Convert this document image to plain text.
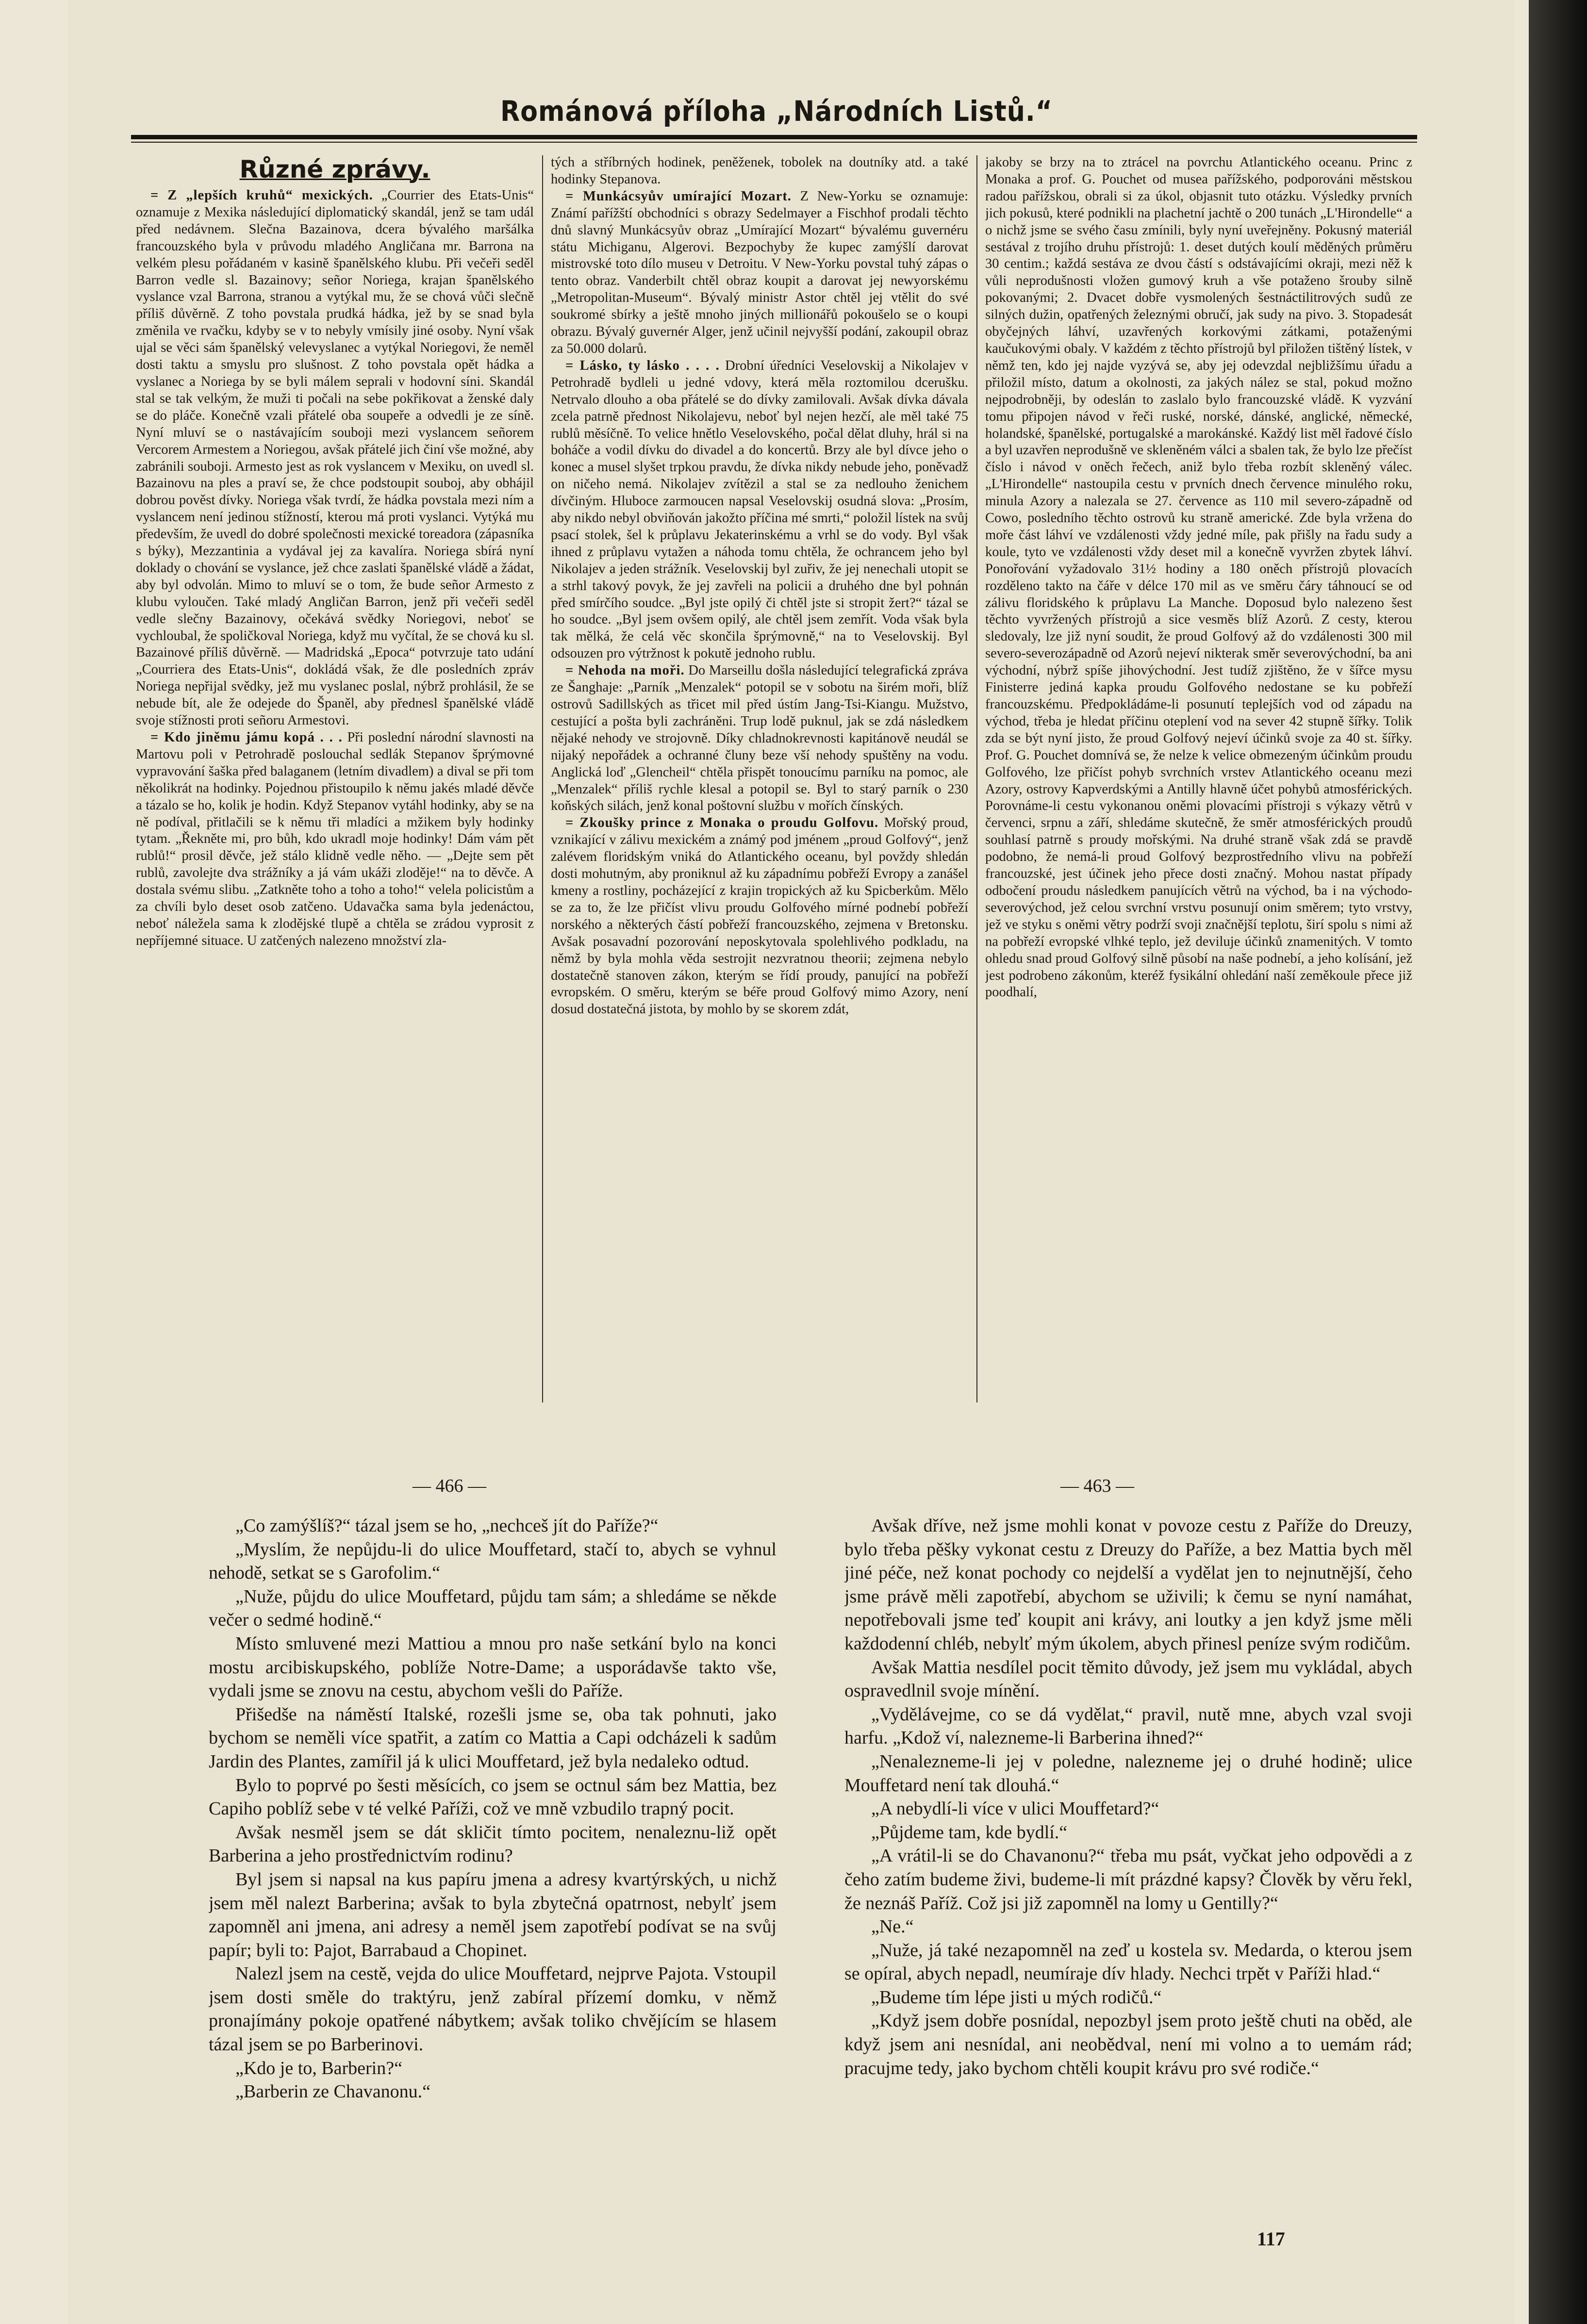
Románová příloha „Národních Listů.“
Různé zprávy.

= Z „lepších kruhů“ mexických. „Courrier des Etats-Unis“ oznamuje z Mexika následující diplomatický skandál, jenž se tam udál před nedávnem. Slečna Bazainova, dcera bývalého maršálka francouzského byla v průvodu mladého Angličana mr. Barrona na velkém plesu pořádaném v kasině španělského klubu. Při večeři seděl Barron vedle sl. Bazainovy; señor Noriega, krajan španělského vyslance vzal Barrona, stranou a vytýkal mu, že se chová vůči slečně příliš důvěrně. Z toho povstala prudká hádka, jež by se snad byla změnila ve rvačku, kdyby se v to nebyly vmísily jiné osoby. Nyní však ujal se věci sám španělský velevyslanec a vytýkal Noriegovi, že neměl dosti taktu a smyslu pro slušnost. Z toho povstala opět hádka a vyslanec a Noriega by se byli málem seprali v hodovní síni. Skandál stal se tak velkým, že muži ti počali na sebe pokřikovat a ženské daly se do pláče. Konečně vzali přátelé oba soupeře a odvedli je ze síně. Nyní mluví se o nastávajícím souboji mezi vyslancem señorem Vercorem Armestem a Noriegou, avšak přátelé jich činí vše možné, aby zabránili souboji. Armesto jest as rok vyslancem v Mexiku, on uvedl sl. Bazainovu na ples a praví se, že chce podstoupit souboj, aby obhájil dobrou pověst dívky. Noriega však tvrdí, že hádka povstala mezi ním a vyslancem není jedinou stížností, kterou má proti vyslanci. Vytýká mu především, že uvedl do dobré společnosti mexické toreadora (zápasníka s býky), Mezzantinia a vydával jej za kavalíra. Noriega sbírá nyní doklady o chování se vyslance, jež chce zaslati španělské vládě a žádat, aby byl odvolán. Mimo to mluví se o tom, že bude señor Armesto z klubu vyloučen. Také mladý Angličan Barron, jenž při večeři seděl vedle slečny Bazainovy, očekává svědky Noriegovi, neboť se vychloubal, že spoličkoval Noriega, když mu vyčítal, že se chová ku sl. Bazainové příliš důvěrně. — Madridská „Epoca“ potvrzuje tato udání „Courriera des Etats-Unis“, dokládá však, že dle posledních zpráv Noriega nepřijal svědky, jež mu vyslanec poslal, nýbrž prohlásil, že se nebude bít, ale že odejede do Španěl, aby přednesl španělské vládě svoje stížnosti proti señoru Armestovi.

= Kdo jiněmu jámu kopá . . . Při poslední národní slavnosti na Martovu poli v Petrohradě poslouchal sedlák Stepanov šprýmovné vypravování šaška před balaganem (letním divadlem) a dival se při tom několikrát na hodinky. Pojednou přistoupilo k němu jakés mladé děvče a tázalo se ho, kolik je hodin. Když Stepanov vytáhl hodinky, aby se na ně podíval, přitlačili se k němu tři mladíci a mžikem byly hodinky tytam. „Řekněte mi, pro bůh, kdo ukradl moje hodinky! Dám vám pět rublů!“ prosil děvče, jež stálo klidně vedle něho. — „Dejte sem pět rublů, zavolejte dva strážníky a já vám ukáži zloděje!“ na to děvče. A dostala svému slibu. „Zatkněte toho a toho a toho!“ velela policistům a za chvíli bylo deset osob zatčeno. Udavačka sama byla jedenáctou, neboť náležela sama k zlodějské tlupě a chtěla se zrádou vyprosit z nepříjemné situace. U zatčených nalezeno množství zla-

tých a stříbrných hodinek, peněženek, tobolek na doutníky atd. a také hodinky Stepanova.

= Munkácsyův umírající Mozart. Z New-Yorku se oznamuje: Známí pařížští obchodníci s obrazy Sedelmayer a Fischhof prodali těchto dnů slavný Munkácsyův obraz „Umírající Mozart“ bývalému guvernéru státu Michiganu, Algerovi. Bezpochyby že kupec zamýšlí darovat mistrovské toto dílo museu v Detroitu. V New-Yorku povstal tuhý zápas o tento obraz. Vanderbilt chtěl obraz koupit a darovat jej newyorskému „Metropolitan-Museum“. Bývalý ministr Astor chtěl jej vtělit do své soukromé sbírky a ještě mnoho jiných millionářů pokoušelo se o koupi obrazu. Bývalý guvernér Alger, jenž učinil nejvyšší podání, zakoupil obraz za 50.000 dolarů.

= Lásko, ty lásko . . . . Drobní úředníci Veselovskij a Nikolajev v Petrohradě bydleli u jedné vdovy, která měla roztomilou dcerušku. Netrvalo dlouho a oba přátelé se do dívky zamilovali. Avšak dívka dávala zcela patrně přednost Nikolajevu, neboť byl nejen hezčí, ale měl také 75 rublů měsíčně. To velice hnětlo Veselovského, počal dělat dluhy, hrál si na boháče a vodil dívku do divadel a do koncertů. Brzy ale byl dívce jeho o konec a musel slyšet trpkou pravdu, že dívka nikdy nebude jeho, poněvadž on ničeho nemá. Nikolajev zvítězil a stal se za nedlouho ženichem dívčiným. Hluboce zarmoucen napsal Veselovskij osudná slova: „Prosím, aby nikdo nebyl obviňován jakožto příčina mé smrti,“ položil lístek na svůj psací stolek, šel k průplavu Jekaterinskému a vrhl se do vody. Byl však ihned z průplavu vytažen a náhoda tomu chtěla, že ochrancem jeho byl Nikolajev a jeden strážník. Veselovskij byl zuřiv, že jej nenechali utopit se a strhl takový povyk, že jej zavřeli na policii a druhého dne byl pohnán před smírčího soudce. „Byl jste opilý či chtěl jste si stropit žert?“ tázal se ho soudce. „Byl jsem ovšem opilý, ale chtěl jsem zemřít. Voda však byla tak mělká, že celá věc skončila šprýmovně,“ na to Veselovskij. Byl odsouzen pro výtržnost k pokutě jednoho rublu.

= Nehoda na moři. Do Marseillu došla následující telegrafická zpráva ze Šanghaje: „Parník „Menzalek“ potopil se v sobotu na širém moři, blíž ostrovů Sadillských as třicet mil před ústím Jang-Tsi-Kiangu. Mužstvo, cestující a pošta byli zachráněni. Trup lodě puknul, jak se zdá následkem nějaké nehody ve strojovně. Díky chladnokrevnosti kapitánově neudál se nijaký nepořádek a ochranné čluny beze vší nehody spuštěny na vodu. Anglická loď „Glencheil“ chtěla přispět tonoucímu parníku na pomoc, ale „Menzalek“ příliš rychle klesal a potopil se. Byl to starý parník o 230 koňských silách, jenž konal poštovní službu v mořích čínských.

= Zkoušky prince z Monaka o proudu Golfovu. Mořský proud, vznikající v zálivu mexickém a známý pod jménem „proud Golfový“, jenž zalévem floridským vniká do Atlantického oceanu, byl povždy shledán dosti mohutným, aby proniknul až ku západnímu pobřeží Evropy a zanášel kmeny a rostliny, pocházející z krajin tropických až ku Spicberkům. Mělo se za to, že lze přičíst vlivu proudu Golfového mírné podnebí pobřeží norského a některých částí pobřeží francouzského, zejmena v Bretonsku. Avšak posavadní pozorování neposkytovala spolehlivého podkladu, na němž by byla mohla věda sestrojit nezvratnou theorii; zejmena nebylo dostatečně stanoven zákon, kterým se řídí proudy, panující na pobřeží evropském. O směru, kterým se béře proud Golfový mimo Azory, není dosud dostatečná jistota, by mohlo by se skorem zdát,

jakoby se brzy na to ztrácel na povrchu Atlantického oceanu. Princ z Monaka a prof. G. Pouchet od musea pařížského, podporováni městskou radou pařížskou, obrali si za úkol, objasnit tuto otázku. Výsledky prvních jich pokusů, které podnikli na plachetní jachtě o 200 tunách „L'Hirondelle“ a o nichž jsme se svého času zmínili, byly nyní uveřejněny. Pokusný materiál sestával z trojího druhu přístrojů: 1. deset dutých koulí měděných průměru 30 centim.; každá sestáva ze dvou částí s odstávajícími okraji, mezi něž k vůli neprodušnosti vložen gumový kruh a vše potaženo šrouby silně pokovanými; 2. Dvacet dobře vysmolených šestnáctilitrových sudů ze silných dužin, opatřených železnými obručí, jak sudy na pivo. 3. Stopadesát obyčejných láhví, uzavřených korkovými zátkami, potaženými kaučukovými obaly. V každém z těchto přístrojů byl přiložen tištěný lístek, v němž ten, kdo jej najde vyzývá se, aby jej odevzdal nejbližšímu úřadu a přiložil místo, datum a okolnosti, za jakých nález se stal, pokud možno nejpodrobněji, by odeslán to zaslalo bylo francouzské vládě. K vyzvání tomu připojen návod v řeči ruské, norské, dánské, anglické, německé, holandské, španělské, portugalské a marokánské. Každý list měl řadové číslo a byl uzavřen neprodušně ve skleněném válci a sbalen tak, že bylo lze přečíst číslo i návod v oněch řečech, aniž bylo třeba rozbít skleněný válec. „L'Hirondelle“ nastoupila cestu v prvních dnech července minulého roku, minula Azory a nalezala se 27. července as 110 mil severo-západně od Cowo, posledního těchto ostrovů ku straně americké. Zde byla vržena do moře část láhví ve vzdálenosti vždy jedné míle, pak přišly na řadu sudy a koule, tyto ve vzdálenosti vždy deset mil a konečně vyvržen zbytek láhví. Ponořování vyžadovalo 31½ hodiny a 180 oněch přístrojů plovacích rozděleno takto na čáře v délce 170 mil as ve směru čáry táhnoucí se od zálivu floridského k průplavu La Manche. Doposud bylo nalezeno šest těchto vyvržených přístrojů a sice vesměs blíž Azorů. Z cesty, kterou sledovaly, lze již nyní soudit, že proud Golfový až do vzdálenosti 300 mil severo-severozápadně od Azorů nejeví nikterak směr severovýchodní, ba ani východní, nýbrž spíše jihovýchodní. Jest tudíž zjištěno, že v šířce mysu Finisterre jediná kapka proudu Golfového nedostane se ku pobřeží francouzskému. Předpokládáme-li posunutí teplejších vod od západu na východ, třeba je hledat příčinu oteplení vod na sever 42 stupně šířky. Tolik zda se být nyní jisto, že proud Golfový nejeví účinků svoje za 40 st. šířky. Prof. G. Pouchet domnívá se, že nelze k velice obmezeným účinkům proudu Golfového, lze přičíst pohyb svrchních vrstev Atlantického oceanu mezi Azory, ostrovy Kapverdskými a Antilly hlavně účet pohybů atmosférických. Porovnáme-li cestu vykonanou oněmi plovacími přístroji s výkazy větrů v červenci, srpnu a září, shledáme skutečně, že směr atmosférických proudů souhlasí patrně s proudy mořskými. Na druhé straně však zdá se pravdě podobno, že nemá-li proud Golfový bezprostředního vlivu na pobřeží francouzské, jest účinek jeho přece dosti značný. Mohou nastat případy odbočení proudu následkem panujících větrů na východ, ba i na východo-severovýchod, jež celou svrchní vrstvu posunují onim směrem; tyto vrstvy, jež ve styku s oněmi větry podrží svoji značnější teplotu, širí spolu s nimi až na pobřeží evropské vlhké teplo, jež deviluje účinků znamenitých. V tomto ohledu snad proud Golfový silně působí na naše podnebí, a jeho kolísání, jež jest podrobeno zákonům, kteréž fysikální ohledání naší zeměkoule přece již poodhalí,

— 466 —	— 463 —

„Co zamýšlíš?“ tázal jsem se ho, „nechceš jít do Paříže?“

„Myslím, že nepůjdu-li do ulice Mouffetard, stačí to, abych se vyhnul nehodě, setkat se s Garofolim.“

„Nuže, půjdu do ulice Mouffetard, půjdu tam sám; a shledáme se někde večer o sedmé hodině.“

Místo smluvené mezi Mattiou a mnou pro naše setkání bylo na konci mostu arcibiskupského, poblíže Notre-Dame; a usporádavše takto vše, vydali jsme se znovu na cestu, abychom vešli do Paříže.

Přišedše na náměstí Italské, rozešli jsme se, oba tak pohnuti, jako bychom se neměli více spatřit, a zatím co Mattia a Capi odcházeli k sadům Jardin des Plantes, zamířil já k ulici Mouffetard, jež byla nedaleko odtud.

Bylo to poprvé po šesti měsících, co jsem se octnul sám bez Mattia, bez Capiho poblíž sebe v té velké Paříži, což ve mně vzbudilo trapný pocit.

Avšak nesměl jsem se dát skličit tímto pocitem, nenaleznu-liž opět Barberina a jeho prostřednictvím rodinu?

Byl jsem si napsal na kus papíru jmena a adresy kvartýrských, u nichž jsem měl nalezt Barberina; avšak to byla zbytečná opatrnost, nebylť jsem zapomněl ani jmena, ani adresy a neměl jsem zapotřebí podívat se na svůj papír; byli to: Pajot, Barrabaud a Chopinet.

Nalezl jsem na cestě, vejda do ulice Mouffetard, nejprve Pajota. Vstoupil jsem dosti směle do traktýru, jenž zabíral přízemí domku, v němž pronajímány pokoje opatřené nábytkem; avšak toliko chvějícím se hlasem tázal jsem se po Barberinovi.

„Kdo je to, Barberin?“

„Barberin ze Chavanonu.“

Avšak dříve, než jsme mohli konat v povoze cestu z Paříže do Dreuzy, bylo třeba pěšky vykonat cestu z Dreuzy do Paříže, a bez Mattia bych měl jiné péče, než konat pochody co nejdelší a vydělat jen to nejnutnější, čeho jsme právě měli zapotřebí, abychom se uživili; k čemu se nyní namáhat, nepotřebovali jsme teď koupit ani krávy, ani loutky a jen když jsme měli každodenní chléb, nebylť mým úkolem, abych přinesl peníze svým rodičům.

Avšak Mattia nesdílel pocit těmito důvody, jež jsem mu vykládal, abych ospravedlnil svoje mínění.

„Vydělávejme, co se dá vydělat,“ pravil, nutě mne, abych vzal svoji harfu. „Kdož ví, nalezneme-li Barberina ihned?“

„Nenalezneme-li jej v poledne, nalezneme jej o druhé hodině; ulice Mouffetard není tak dlouhá.“

„A nebydlí-li více v ulici Mouffetard?“

„Půjdeme tam, kde bydlí.“

„A vrátil-li se do Chavanonu?“ třeba mu psát, vyčkat jeho odpovědi a z čeho zatím budeme živi, budeme-li mít prázdné kapsy? Člověk by věru řekl, že neznáš Paříž. Což jsi již zapomněl na lomy u Gentilly?“

„Ne.“

„Nuže, já také nezapomněl na zeď u kostela sv. Medarda, o kterou jsem se opíral, abych nepadl, neumíraje dív hlady. Nechci trpět v Paříži hlad.“

„Budeme tím lépe jisti u mých rodičů.“

„Když jsem dobře posnídal, nepozbyl jsem proto ještě chuti na oběd, ale když jsem ani nesnídal, ani neobědval, není mi volno a to uemám rád; pracujme tedy, jako bychom chtěli koupit krávu pro své rodiče.“

117
